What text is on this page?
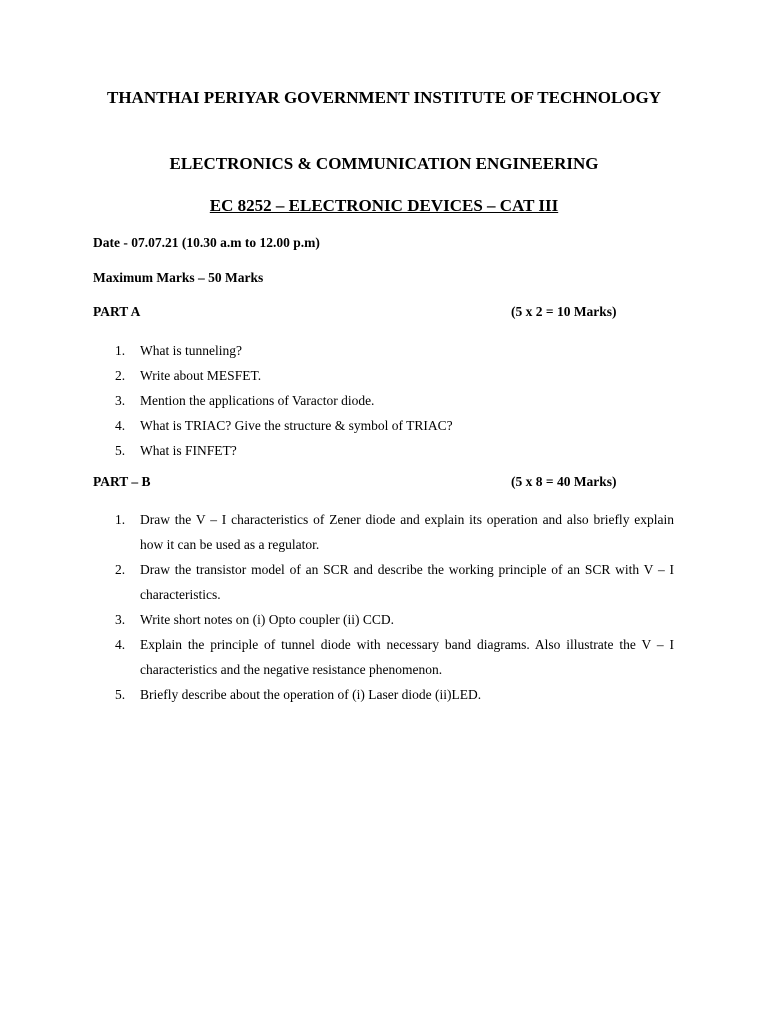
THANTHAI PERIYAR GOVERNMENT INSTITUTE OF TECHNOLOGY
ELECTRONICS & COMMUNICATION ENGINEERING
EC 8252 – ELECTRONIC DEVICES – CAT III
Date - 07.07.21 (10.30 a.m to 12.00 p.m)
Maximum Marks – 50 Marks
PART A	(5 x 2 = 10 Marks)
1. What is tunneling?
2. Write about MESFET.
3. Mention the applications of Varactor diode.
4. What is TRIAC? Give the structure & symbol of TRIAC?
5. What is FINFET?
PART – B	(5 x 8 = 40 Marks)
1. Draw the V – I characteristics of Zener diode and explain its operation and also briefly explain how it can be used as a regulator.
2. Draw the transistor model of an SCR and describe the working principle of an SCR with V – I characteristics.
3. Write short notes on (i) Opto coupler (ii) CCD.
4. Explain the principle of tunnel diode with necessary band diagrams. Also illustrate the V – I characteristics and the negative resistance phenomenon.
5. Briefly describe about the operation of (i) Laser diode (ii)LED.
